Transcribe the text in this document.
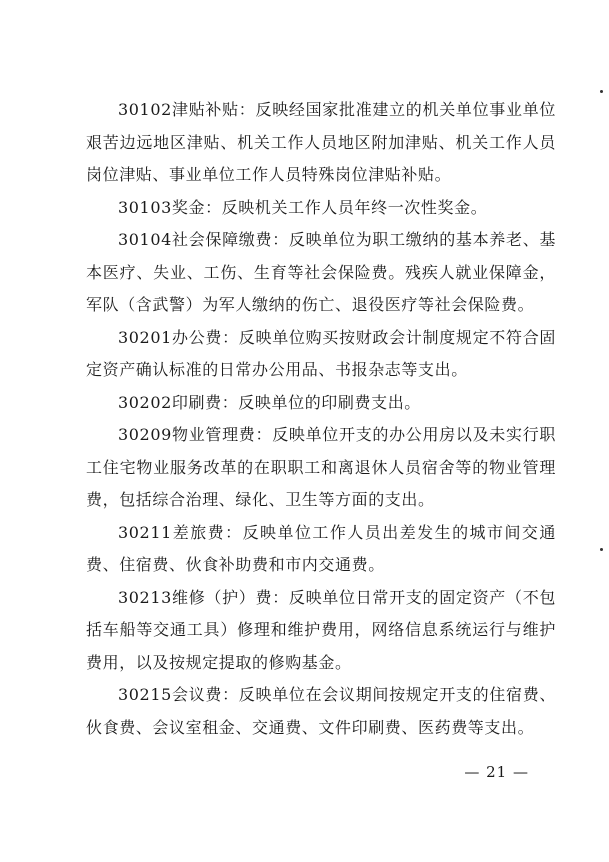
30102津贴补贴：反映经国家批准建立的机关单位事业单位艰苦边远地区津贴、机关工作人员地区附加津贴、机关工作人员岗位津贴、事业单位工作人员特殊岗位津贴补贴。

30103奖金：反映机关工作人员年终一次性奖金。

30104社会保障缴费：反映单位为职工缴纳的基本养老、基本医疗、失业、工伤、生育等社会保险费。残疾人就业保障金，军队（含武警）为军人缴纳的伤亡、退役医疗等社会保险费。

30201办公费：反映单位购买按财政会计制度规定不符合固定资产确认标准的日常办公用品、书报杂志等支出。

30202印刷费：反映单位的印刷费支出。

30209物业管理费：反映单位开支的办公用房以及未实行职工住宅物业服务改革的在职职工和离退休人员宿舍等的物业管理费，包括综合治理、绿化、卫生等方面的支出。

30211差旅费：反映单位工作人员出差发生的城市间交通费、住宿费、伙食补助费和市内交通费。

30213维修（护）费：反映单位日常开支的固定资产（不包括车船等交通工具）修理和维护费用，网络信息系统运行与维护费用，以及按规定提取的修购基金。

30215会议费：反映单位在会议期间按规定开支的住宿费、伙食费、会议室租金、交通费、文件印刷费、医药费等支出。

— 21 —
